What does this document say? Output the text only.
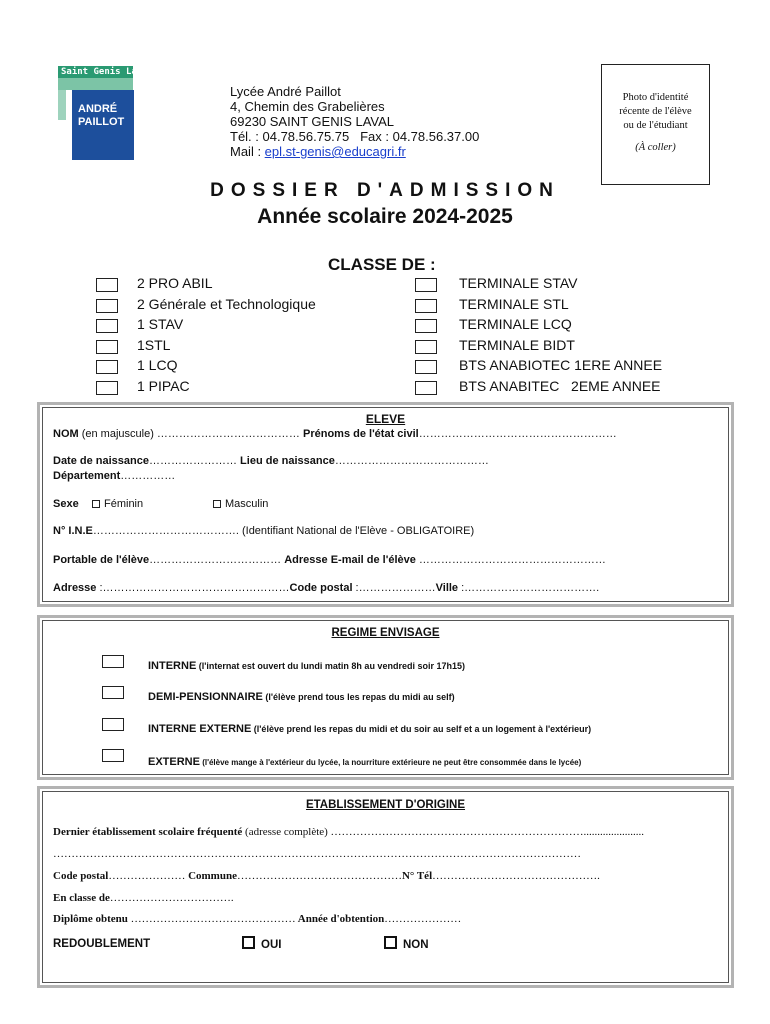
Saint Genis Laval
ANDRÉ
PAILLOT
Lycée André Paillot
4, Chemin des Grabelières
69230 SAINT GENIS LAVAL
Tél. : 04.78.56.75.75   Fax : 04.78.56.37.00
Mail : epl.st-genis@educagri.fr
Photo d'identité
récente de l'élève
ou de l'étudiant
(À coller)
DOSSIER D'ADMISSION
Année scolaire 2024-2025
CLASSE DE :
2 PRO ABIL
2 Générale et Technologique
1 STAV
1STL
1 LCQ
1 PIPAC
TERMINALE STAV
TERMINALE STL
TERMINALE LCQ
TERMINALE BIDT
BTS ANABIOTEC 1ERE ANNEE
BTS ANABITEC   2EME ANNEE
ELEVE
NOM (en majuscule) ………………………………… Prénoms de l'état civil………………………………………………
Date de naissance…………………… Lieu de naissance……………………………………
Département……………
Sexe	Féminin	Masculin
N° I.N.E…………………………………. (Identifiant National de l'Elève - OBLIGATOIRE)
Portable de l'élève……………………………… Adresse E-mail de l'élève ……………………………………………
Adresse :……………………………………………Code postal :…………………Ville :……………………………….
REGIME ENVISAGE
INTERNE (l'internat est ouvert du lundi matin 8h au vendredi soir 17h15)
DEMI-PENSIONNAIRE (l'élève prend tous les repas du midi au self)
INTERNE EXTERNE (l'élève prend les repas du midi et du soir au self et a un logement à l'extérieur)
EXTERNE (l'élève mange à l'extérieur du lycée, la nourriture extérieure ne peut être consommée dans le lycée)
ETABLISSEMENT D'ORIGINE
Dernier établissement scolaire fréquenté (adresse complète) ……………………………………………………………......................
………………………………………………………………………………………………………………………………
Code postal………………… Commune………………………………………N° Tél……………………………………….
En classe de…………………………….
Diplôme obtenu ……………………………………… Année d'obtention…………………
REDOUBLEMENT	OUI	NON
